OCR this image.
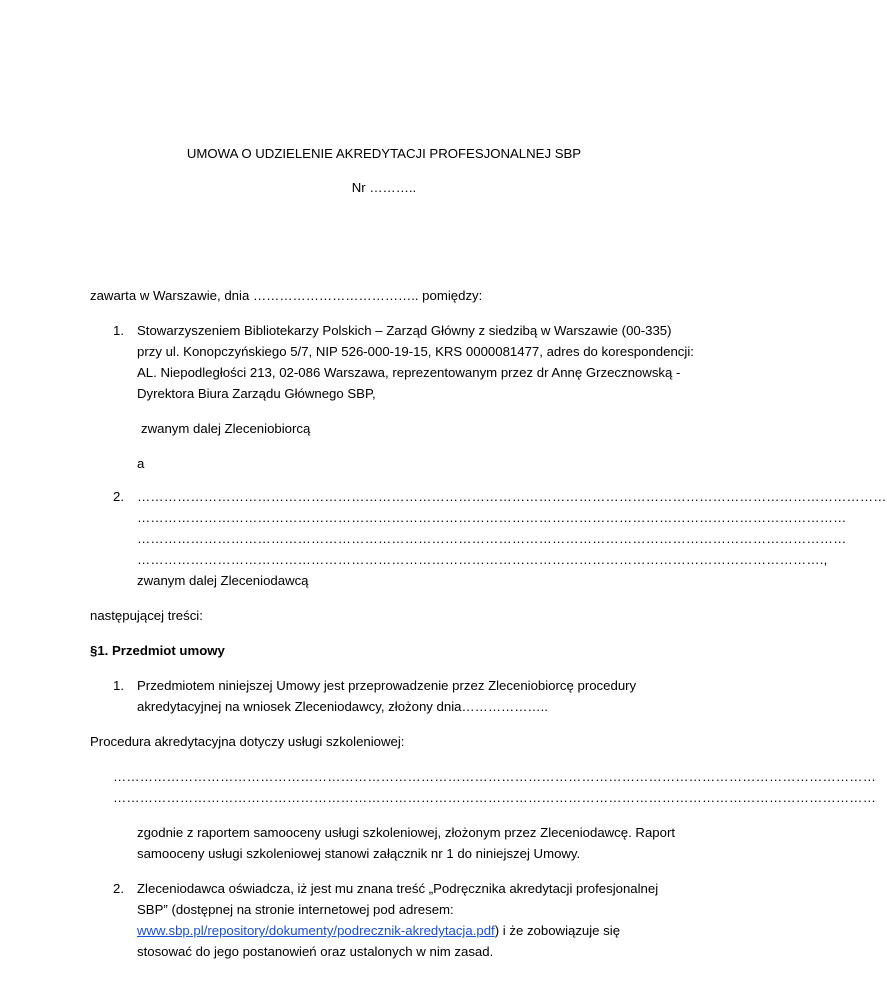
UMOWA O UDZIELENIE AKREDYTACJI PROFESJONALNEJ SBP
Nr ………..
zawarta w Warszawie, dnia ……………………………….. pomiędzy:
1. Stowarzyszeniem Bibliotekarzy Polskich – Zarząd Główny z siedzibą w Warszawie (00-335)
przy ul. Konopczyńskiego 5/7, NIP 526-000-19-15, KRS 0000081477, adres do korespondencji:
AL. Niepodległości 213, 02-086 Warszawa, reprezentowanym przez dr Annę Grzecznowską -
Dyrektora Biura Zarządu Głównego SBP,
zwanym dalej Zleceniobiorcą
a
2. ……………………………………………………………………………………………………………………………………………………
……………………………………………………………………………………………………………………………………………
……………………………………………………………………………………………………………………………………………
……………………………………………………………………………………………………………………………………….,
zwanym dalej Zleceniodawcą
następującej treści:
§1. Przedmiot umowy
1. Przedmiotem niniejszej Umowy jest przeprowadzenie przez Zleceniobiorcę procedury
akredytacyjnej na wniosek Zleceniodawcy, złożony dnia………………..
Procedura akredytacyjna dotyczy usługi szkoleniowej:
………………………………………………………………………………………………………………………………………………………
………………………………………………………………………………………………………………………………………………………
zgodnie z raportem samooceny usługi szkoleniowej, złożonym przez Zleceniodawcę. Raport
samooceny usługi szkoleniowej stanowi załącznik nr 1 do niniejszej Umowy.
2. Zleceniodawca oświadcza, iż jest mu znana treść „Podręcznika akredytacji profesjonalnej
SBP” (dostępnej na stronie internetowej pod adresem:
www.sbp.pl/repository/dokumenty/podrecznik-akredytacja.pdf) i że zobowiązuje się
stosować do jego postanowień oraz ustalonych w nim zasad.
